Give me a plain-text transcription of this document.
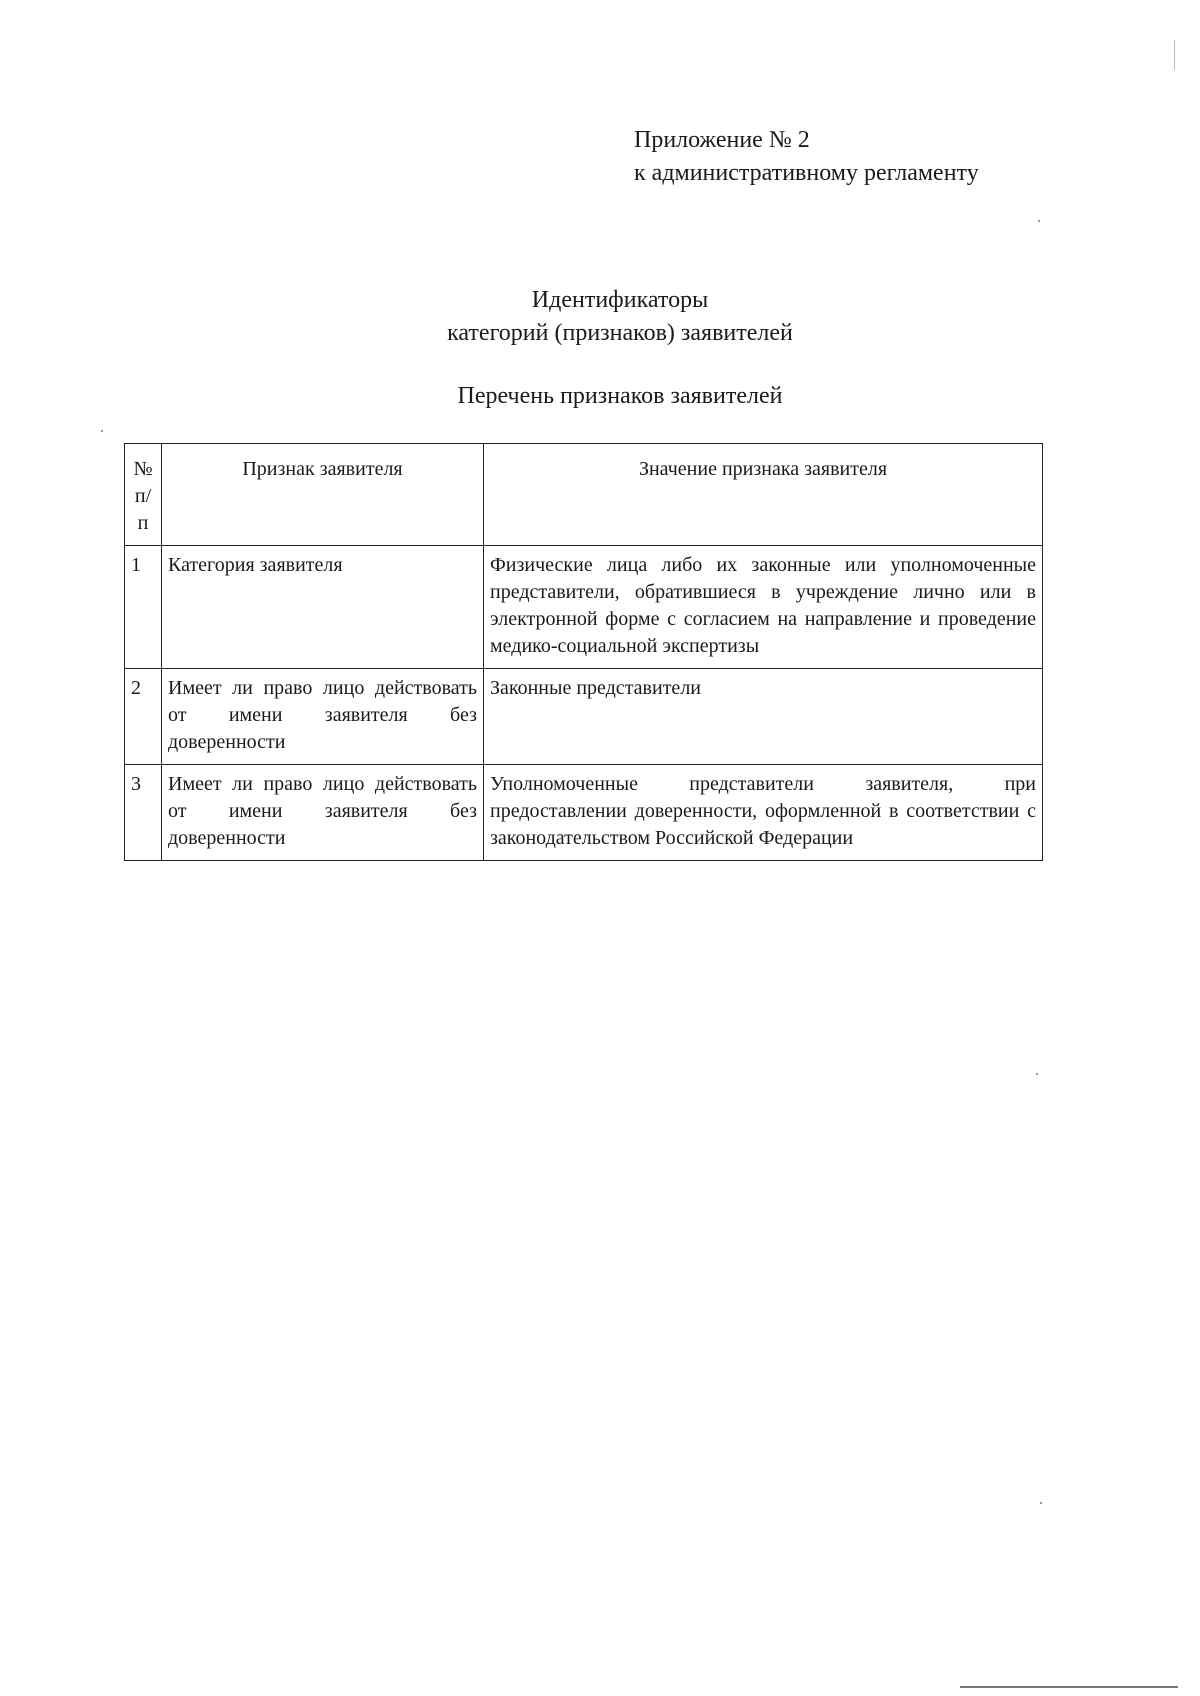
Приложение № 2
к административному регламенту
Идентификаторы
категорий (признаков) заявителей
Перечень признаков заявителей
№ п/п	Признак заявителя	Значение признака заявителя
1	Категория заявителя	Физические лица либо их законные или уполномоченные представители, обратившиеся в учреждение лично или в электронной форме с согласием на направление и проведение медико-социальной экспертизы
2	Имеет ли право лицо действовать от имени заявителя без доверенности	Законные представители
3	Имеет ли право лицо действовать от имени заявителя без доверенности	Уполномоченные представители заявителя, при предоставлении доверенности, оформленной в соответствии с законодательством Российской Федерации
